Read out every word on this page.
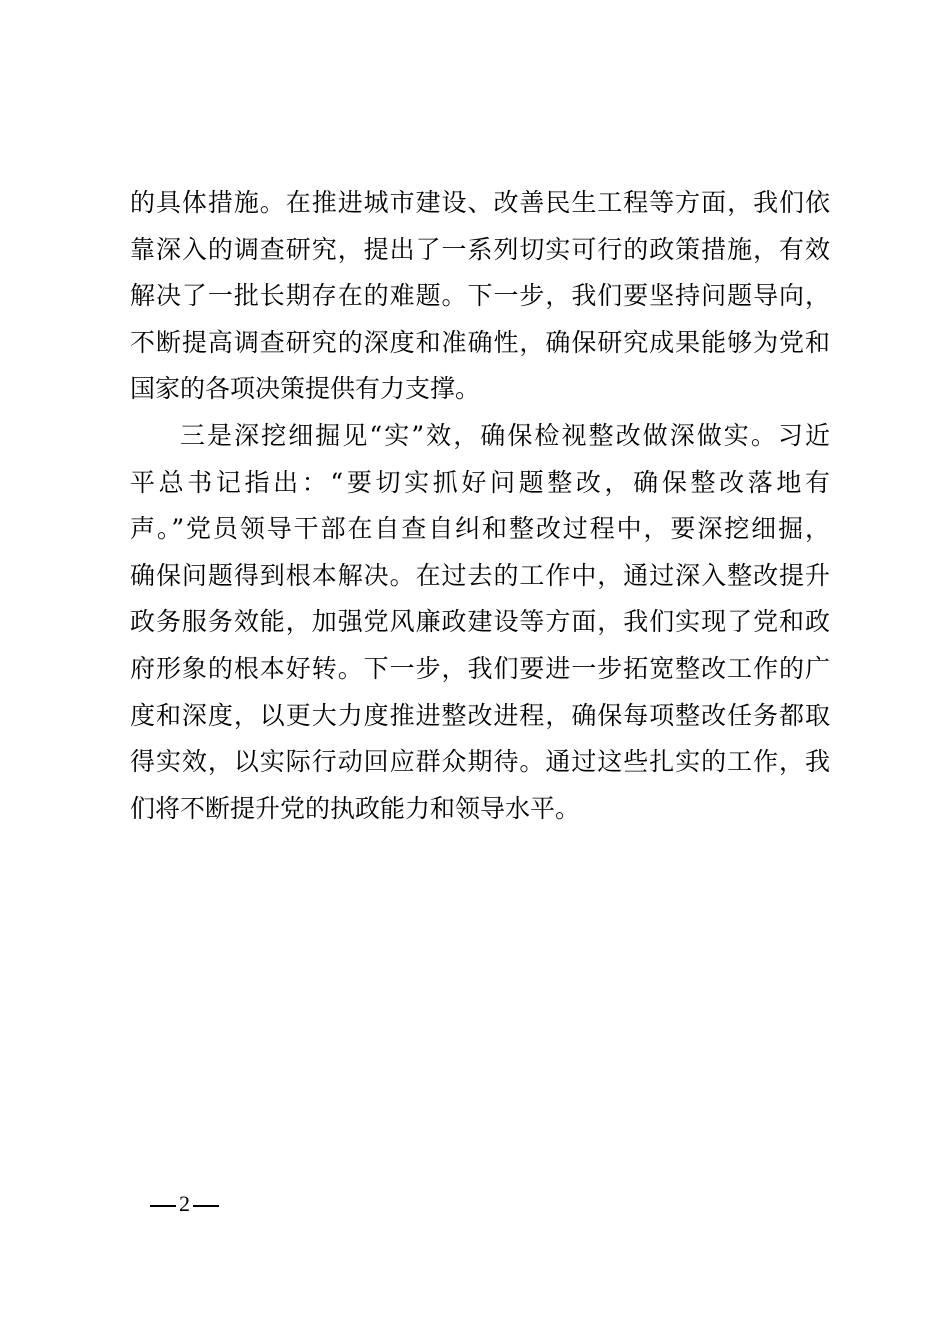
的具体措施。在推进城市建设、改善民生工程等方面，我们依
靠深入的调查研究，提出了一系列切实可行的政策措施，有效
解决了一批长期存在的难题。下一步，我们要坚持问题导向，
不断提高调查研究的深度和准确性，确保研究成果能够为党和
国家的各项决策提供有力支撑。

三是深挖细掘见“实”效，确保检视整改做深做实。习近
平总书记指出：“要切实抓好问题整改，确保整改落地有
声。”党员领导干部在自查自纠和整改过程中，要深挖细掘，
确保问题得到根本解决。在过去的工作中，通过深入整改提升
政务服务效能，加强党风廉政建设等方面，我们实现了党和政
府形象的根本好转。下一步，我们要进一步拓宽整改工作的广
度和深度，以更大力度推进整改进程，确保每项整改任务都取
得实效，以实际行动回应群众期待。通过这些扎实的工作，我
们将不断提升党的执政能力和领导水平。

2
